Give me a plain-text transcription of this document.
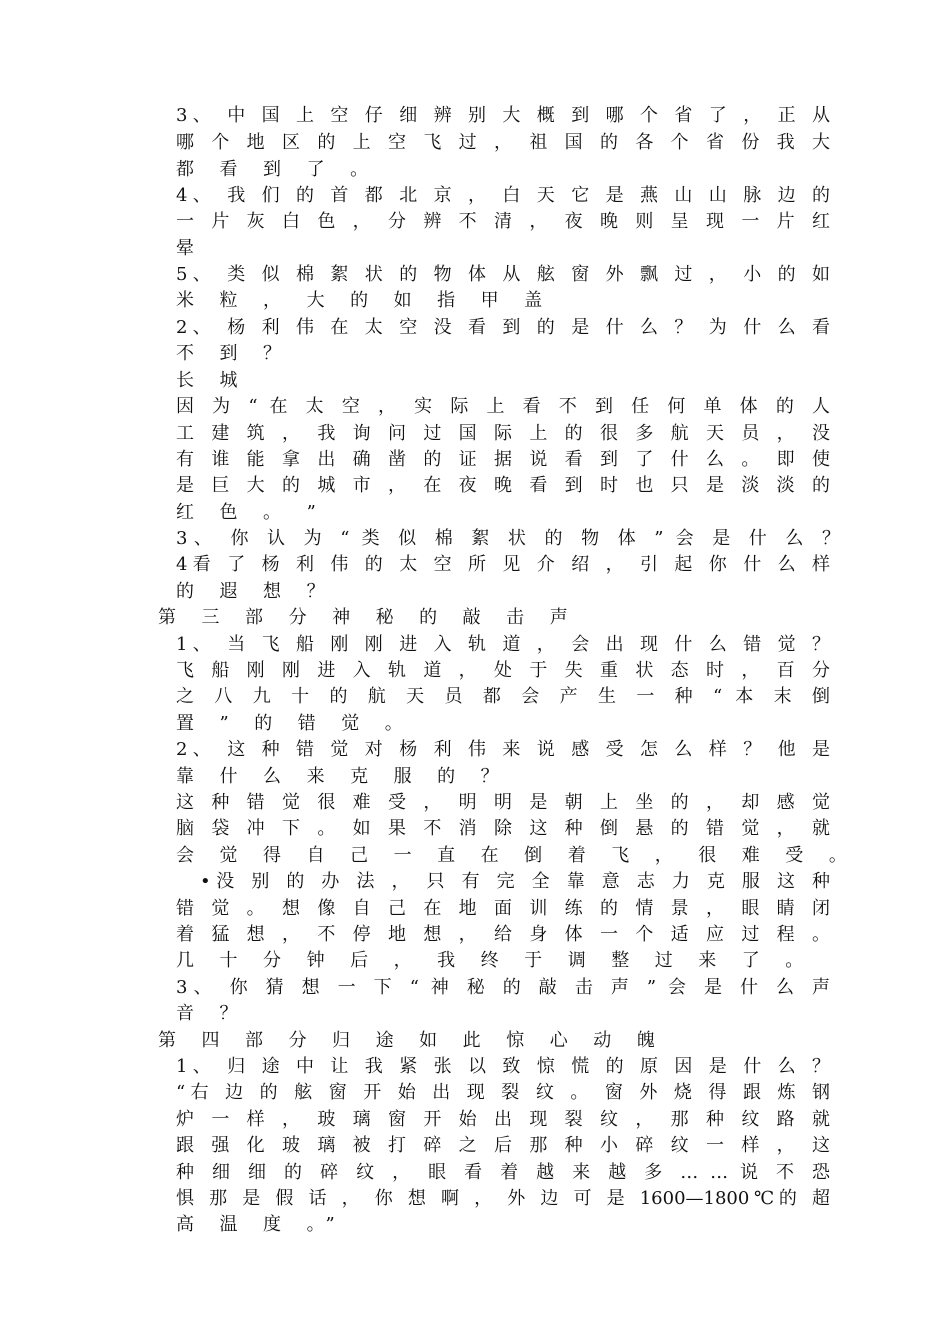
3、 中 国 上 空 仔 细 辨 别 大 概 到 哪 个 省 了 ， 正 从
哪 个 地 区 的 上 空 飞 过 ， 祖 国 的 各 个 省 份 我 大
都 看 到 了 。
4、 我 们 的 首 都 北 京 ， 白 天 它 是 燕 山 山 脉 边 的
一 片 灰 白 色 ， 分 辨 不 清 ， 夜 晚 则 呈 现 一 片 红
晕
5、 类 似 棉 絮 状 的 物 体 从 舷 窗 外 飘 过 ， 小 的 如
米 粒 ， 大 的 如 指 甲 盖
2、 杨 利 伟 在 太 空 没 看 到 的 是 什 么 ？ 为 什 么 看
不 到 ？
长 城
因 为 “ 在 太 空 ， 实 际 上 看 不 到 任 何 单 体 的 人
工 建 筑 ， 我 询 问 过 国 际 上 的 很 多 航 天 员 ， 没
有 谁 能 拿 出 确 凿 的 证 据 说 看 到 了 什 么 。 即 使
是 巨 大 的 城 市 ， 在 夜 晚 看 到 时 也 只 是 淡 淡 的
红 色 。 ”
3、 你 认 为 “ 类 似 棉 絮 状 的 物 体 ” 会 是 什 么 ？
4看 了 杨 利 伟 的 太 空 所 见 介 绍 ， 引 起 你 什 么 样
的 遐 想 ？
第 三 部 分 神 秘 的 敲 击 声
1、 当 飞 船 刚 刚 进 入 轨 道 ， 会 出 现 什 么 错 觉 ？
飞 船 刚 刚 进 入 轨 道 ， 处 于 失 重 状 态 时 ， 百 分
之 八 九 十 的 航 天 员 都 会 产 生 一 种 “ 本 末 倒
置 ” 的 错 觉 。
2、 这 种 错 觉 对 杨 利 伟 来 说 感 受 怎 么 样 ？ 他 是
靠 什 么 来 克 服 的 ？
这 种 错 觉 很 难 受 ， 明 明 是 朝 上 坐 的 ， 却 感 觉
脑 袋 冲 下 。 如 果 不 消 除 这 种 倒 悬 的 错 觉 ， 就
会 觉 得 自 己 一 直 在 倒 着 飞 ， 很 难 受 。
•没 别 的 办 法 ， 只 有 完 全 靠 意 志 力 克 服 这 种
错 觉 。 想 像 自 己 在 地 面 训 练 的 情 景 ， 眼 睛 闭
着 猛 想 ， 不 停 地 想 ， 给 身 体 一 个 适 应 过 程 。
几 十 分 钟 后 ， 我 终 于 调 整 过 来 了 。
3、 你 猜 想 一 下 “ 神 秘 的 敲 击 声 ” 会 是 什 么 声
音 ？
第 四 部 分 归 途 如 此 惊 心 动 魄
1、 归 途 中 让 我 紧 张 以 致 惊 慌 的 原 因 是 什 么 ？
“右 边 的 舷 窗 开 始 出 现 裂 纹 。 窗 外 烧 得 跟 炼 钢
炉 一 样 ， 玻 璃 窗 开 始 出 现 裂 纹 ， 那 种 纹 路 就
跟 强 化 玻 璃 被 打 碎 之 后 那 种 小 碎 纹 一 样 ， 这
种 细 细 的 碎 纹 ， 眼 看 着 越 来 越 多 … … 说 不 恐
惧 那 是 假 话 ， 你 想 啊 ， 外 边 可 是 1600—1800℃的 超
高 温 度 。”
